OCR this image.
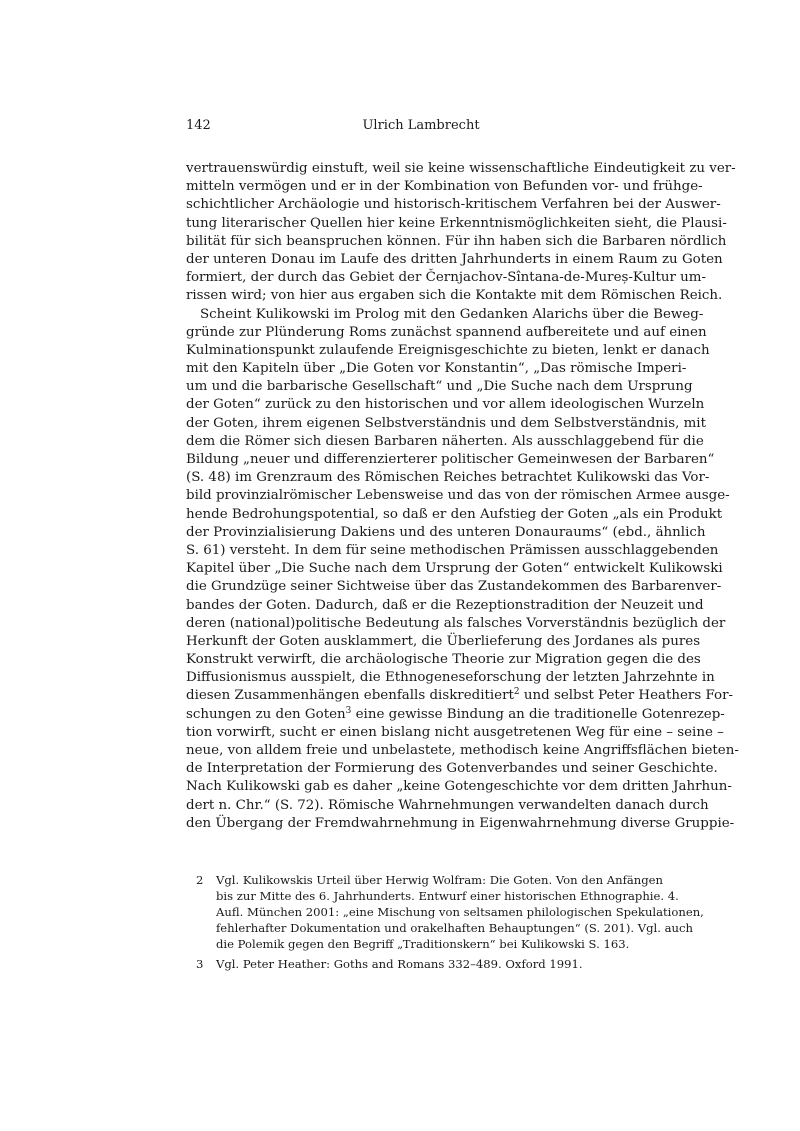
142	Ulrich Lambrecht
vertrauenswürdig einstuft, weil sie keine wissenschaftliche Eindeutigkeit zu ver-
mitteln vermögen und er in der Kombination von Befunden vor- und frühge-
schichtlicher Archäologie und historisch-kritischem Verfahren bei der Auswer-
tung literarischer Quellen hier keine Erkenntnismöglichkeiten sieht, die Plausi-
bilität für sich beanspruchen können. Für ihn haben sich die Barbaren nördlich
der unteren Donau im Laufe des dritten Jahrhunderts in einem Raum zu Goten
formiert, der durch das Gebiet der Černjachov-Sîntana-de-Mureș-Kultur um-
rissen wird; von hier aus ergaben sich die Kontakte mit dem Römischen Reich.
Scheint Kulikowski im Prolog mit den Gedanken Alarichs über die Beweg-
gründe zur Plünderung Roms zunächst spannend aufbereitete und auf einen
Kulminationspunkt zulaufende Ereignisgeschichte zu bieten, lenkt er danach
mit den Kapiteln über „Die Goten vor Konstantin“, „Das römische Imperi-
um und die barbarische Gesellschaft“ und „Die Suche nach dem Ursprung
der Goten“ zurück zu den historischen und vor allem ideologischen Wurzeln
der Goten, ihrem eigenen Selbstverständnis und dem Selbstverständnis, mit
dem die Römer sich diesen Barbaren näherten. Als ausschlaggebend für die
Bildung „neuer und differenzierterer politischer Gemeinwesen der Barbaren“
(S. 48) im Grenzraum des Römischen Reiches betrachtet Kulikowski das Vor-
bild provinzialrömischer Lebensweise und das von der römischen Armee ausge-
hende Bedrohungspotential, so daß er den Aufstieg der Goten „als ein Produkt
der Provinzialisierung Dakiens und des unteren Donauraums“ (ebd., ähnlich
S. 61) versteht. In dem für seine methodischen Prämissen ausschlaggebenden
Kapitel über „Die Suche nach dem Ursprung der Goten“ entwickelt Kulikowski
die Grundzüge seiner Sichtweise über das Zustandekommen des Barbarenver-
bandes der Goten. Dadurch, daß er die Rezeptionstradition der Neuzeit und
deren (national)politische Bedeutung als falsches Vorverständnis bezüglich der
Herkunft der Goten ausklammert, die Überlieferung des Jordanes als pures
Konstrukt verwirft, die archäologische Theorie zur Migration gegen die des
Diffusionismus ausspielt, die Ethnogeneseforschung der letzten Jahrzehnte in
diesen Zusammenhängen ebenfalls diskreditiert$^2$ und selbst Peter Heathers For-
schungen zu den Goten$^3$ eine gewisse Bindung an die traditionelle Gotenrezep-
tion vorwirft, sucht er einen bislang nicht ausgetretenen Weg für eine – seine –
neue, von alldem freie und unbelastete, methodisch keine Angriffsflächen bieten-
de Interpretation der Formierung des Gotenverbandes und seiner Geschichte.
Nach Kulikowski gab es daher „keine Gotengeschichte vor dem dritten Jahrhun-
dert n. Chr.“ (S. 72). Römische Wahrnehmungen verwandelten danach durch
den Übergang der Fremdwahrnehmung in Eigenwahrnehmung diverse Gruppie-
2	Vgl. Kulikowskis Urteil über Herwig Wolfram: Die Goten. Von den Anfängen
bis zur Mitte des 6. Jahrhunderts. Entwurf einer historischen Ethnographie. 4.
Aufl. München 2001: „eine Mischung von seltsamen philologischen Spekulationen,
fehlerhafter Dokumentation und orakelhaften Behauptungen“ (S. 201). Vgl. auch
die Polemik gegen den Begriff „Traditionskern“ bei Kulikowski S. 163.
3	Vgl. Peter Heather: Goths and Romans 332–489. Oxford 1991.
